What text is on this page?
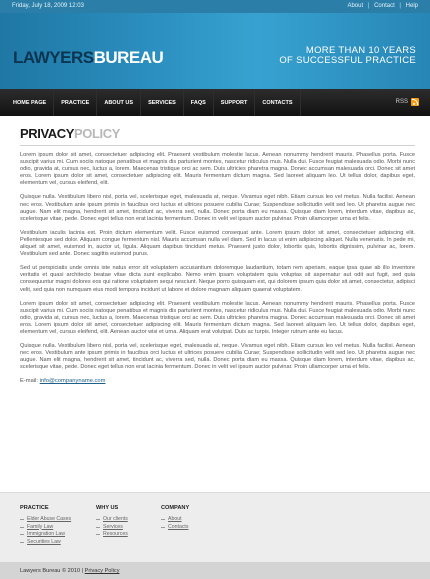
Friday, July 18, 2009 12:03	About | Contact | Help
LAWYERSBUREAU	MORE THAN 10 YEARS
OF SUCCESSFUL PRACTICE
HOME PAGE	PRACTICE	ABOUT US	SERVICES	FAQS	SUPPORT	CONTACTS	RSS
PRIVACYPOLICY

Lorem ipsum dolor sit amet, consectetuer adipiscing elit. Praesent vestibulum molestie lacus. Aenean nonummy hendrerit mauris. Phasellus porta. Fusce suscipit varius mi. Cum sociis natoque penatibus et magnis dis parturient montes, nascetur ridiculus mus. Nulla dui. Fusce feugiat malesuada odio. Morbi nunc odio, gravida at, cursus nec, luctus a, lorem. Maecenas tristique orci ac sem. Duis ultricies pharetra magna. Donec accumsan malesuada orci. Donec sit amet eros. Lorem ipsum dolor sit amet, consectetuer adipiscing elit. Mauris fermentum dictum magna. Sed laoreet aliquam leo. Ut tellus dolor, dapibus eget, elementum vel, cursus eleifend, elit.

Quisque nulla. Vestibulum libero nisl, porta vel, scelerisque eget, malesuada at, neque. Vivamus eget nibh. Etiam cursus leo vel metus. Nulla facilisi. Aenean nec eros. Vestibulum ante ipsum primis in faucibus orci luctus et ultrices posuere cubilia Curae; Suspendisse sollicitudin velit sed leo. Ut pharetra augue nec augue. Nam elit magna, hendrerit sit amet, tincidunt ac, viverra sed, nulla. Donec porta diam eu massa. Quisque diam lorem, interdum vitae, dapibus ac, scelerisque vitae, pede. Donec eget tellus non erat lacinia fermentum. Donec in velit vel ipsum auctor pulvinar. Proin ullamcorper urna et felis.

Vestibulum iaculis lacinia est. Proin dictum elementum velit. Fusce euismod consequat ante. Lorem ipsum dolor sit amet, consectetuer adipiscing elit. Pellentesque sed dolor. Aliquam congue fermentum nisl. Mauris accumsan nulla vel diam. Sed in lacus ut enim adipiscing aliquet. Nulla venenatis. In pede mi, aliquet sit amet, euismod in, auctor ut, ligula. Aliquam dapibus tincidunt metus. Praesent justo dolor, lobortis quis, lobortis dignissim, pulvinar ac, lorem. Vestibulum sed ante. Donec sagittis euismod purus.

Sed ut perspiciatis unde omnis iste natus error sit voluptatem accusantium doloremque laudantium, totam rem aperiam, eaque ipsa quae ab illo inventore veritatis et quasi architecto beatae vitae dicta sunt explicabo. Nemo enim ipsam voluptatem quia voluptas sit aspernatur aut odit aut fugit, sed quia consequuntur magni dolores eos qui ratione voluptatem sequi nesciunt. Neque porro quisquam est, qui dolorem ipsum quia dolor sit amet, consectetur, adipisci velit, sed quia non numquam eius modi tempora incidunt ut labore et dolore magnam aliquam quaerat voluptatem.

Lorem ipsum dolor sit amet, consectetuer adipiscing elit. Praesent vestibulum molestie lacus. Aenean nonummy hendrerit mauris. Phasellus porta. Fusce suscipit varius mi. Cum sociis natoque penatibus et magnis dis parturient montes, nascetur ridiculus mus. Nulla dui. Fusce feugiat malesuada odio. Morbi nunc odio, gravida at, cursus nec, luctus a, lorem. Maecenas tristique orci ac sem. Duis ultricies pharetra magna. Donec accumsan malesuada orci. Donec sit amet eros. Lorem ipsum dolor sit amet, consectetuer adipiscing elit. Mauris fermentum dictum magna. Sed laoreet aliquam leo. Ut tellus dolor, dapibus eget, elementum vel, cursus eleifend, elit. Aenean auctor wisi et urna. Aliquam erat volutpat. Duis ac turpis. Integer rutrum ante eu lacus.

Quisque nulla. Vestibulum libero nisl, porta vel, scelerisque eget, malesuada at, neque. Vivamus eget nibh. Etiam cursus leo vel metus. Nulla facilisi. Aenean nec eros. Vestibulum ante ipsum primis in faucibus orci luctus et ultrices posuere cubilia Curae; Suspendisse sollicitudin velit sed leo. Ut pharetra augue nec augue. Nam elit magna, hendrerit sit amet, tincidunt ac, viverra sed, nulla. Donec porta diam eu massa. Quisque diam lorem, interdum vitae, dapibus ac, scelerisque vitae, pede. Donec eget tellus non erat lacinia fermentum. Donec in velit vel ipsum auctor pulvinar. Proin ullamcorper urna et felis.

E-mail: info@companyname.com
PRACTICE
Elder Abuse Cases
Family Law
Immigration Law
Securities Law
WHY US
Our clients
Services
Resources
COMPANY
About
Contacts
Lawyers Bureau © 2010 | Privacy Policy
